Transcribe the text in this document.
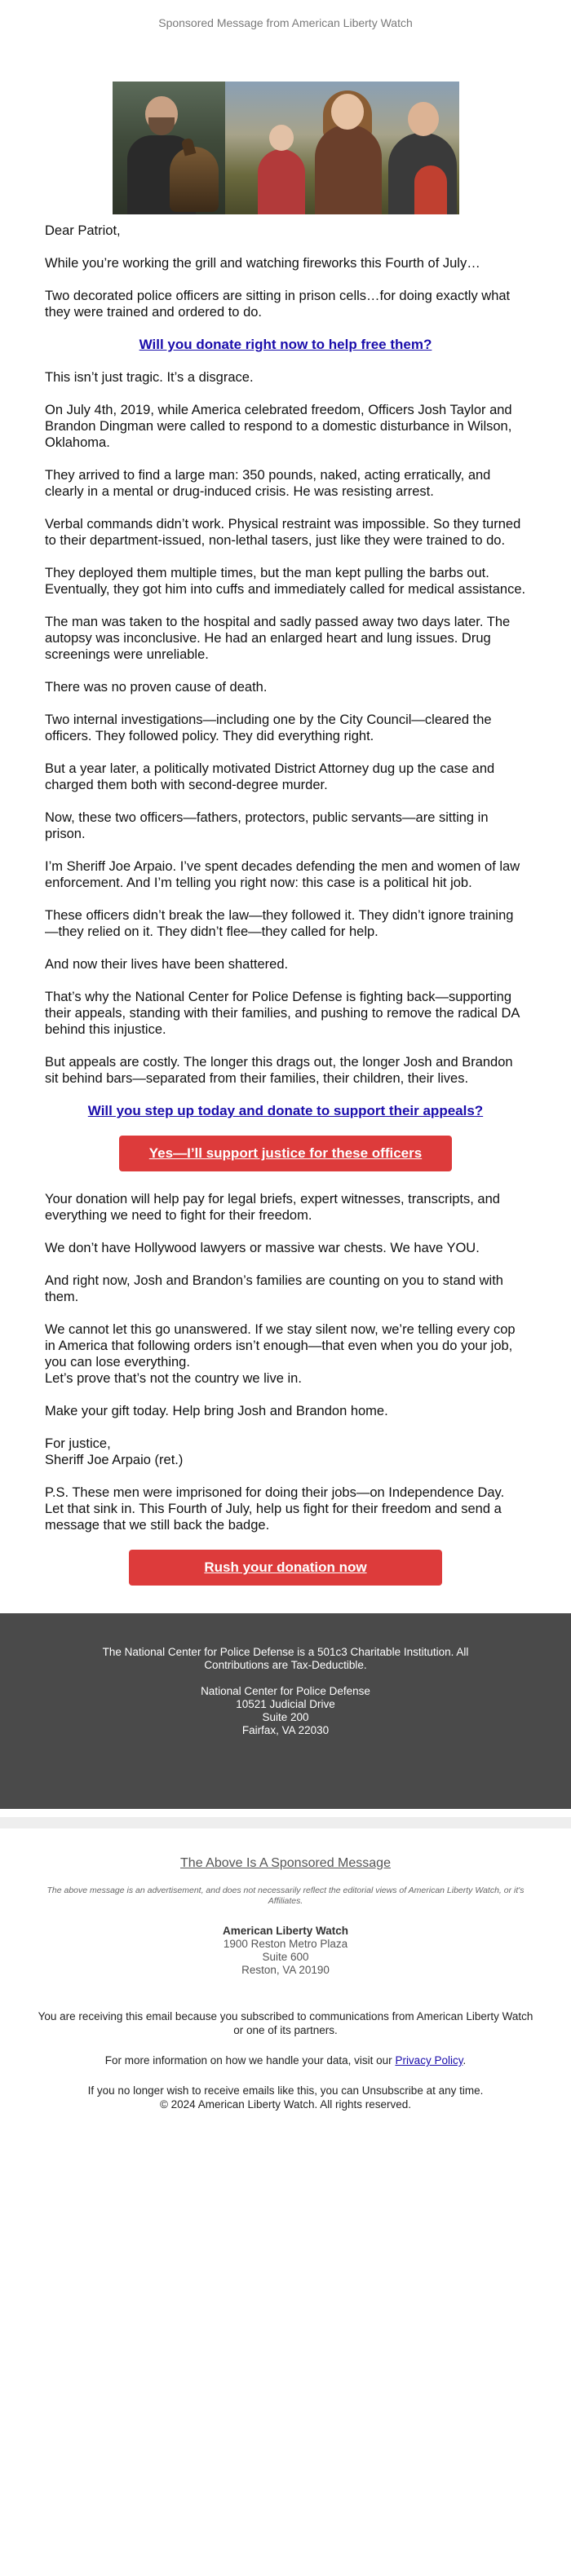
Sponsored Message from American Liberty Watch

Dear Patriot,

While you’re working the grill and watching fireworks this Fourth of July…

Two decorated police officers are sitting in prison cells…for doing exactly what they were trained and ordered to do.

Will you donate right now to help free them?

This isn’t just tragic. It’s a disgrace.

On July 4th, 2019, while America celebrated freedom, Officers Josh Taylor and Brandon Dingman were called to respond to a domestic disturbance in Wilson, Oklahoma.

They arrived to find a large man: 350 pounds, naked, acting erratically, and clearly in a mental or drug-induced crisis. He was resisting arrest.

Verbal commands didn’t work. Physical restraint was impossible. So they turned to their department-issued, non-lethal tasers, just like they were trained to do.

They deployed them multiple times, but the man kept pulling the barbs out. Eventually, they got him into cuffs and immediately called for medical assistance.

The man was taken to the hospital and sadly passed away two days later. The autopsy was inconclusive. He had an enlarged heart and lung issues. Drug screenings were unreliable.

There was no proven cause of death.

Two internal investigations—including one by the City Council—cleared the officers. They followed policy. They did everything right.

But a year later, a politically motivated District Attorney dug up the case and charged them both with second-degree murder.

Now, these two officers—fathers, protectors, public servants—are sitting in prison.

I’m Sheriff Joe Arpaio. I’ve spent decades defending the men and women of law enforcement. And I’m telling you right now: this case is a political hit job.

These officers didn’t break the law—they followed it. They didn’t ignore training—they relied on it. They didn’t flee—they called for help.

And now their lives have been shattered.

That’s why the National Center for Police Defense is fighting back—supporting their appeals, standing with their families, and pushing to remove the radical DA behind this injustice.

But appeals are costly. The longer this drags out, the longer Josh and Brandon sit behind bars—separated from their families, their children, their lives.

Will you step up today and donate to support their appeals?
Yes—I’ll support justice for these officers

Your donation will help pay for legal briefs, expert witnesses, transcripts, and everything we need to fight for their freedom.

We don’t have Hollywood lawyers or massive war chests. We have YOU.

And right now, Josh and Brandon’s families are counting on you to stand with them.

We cannot let this go unanswered. If we stay silent now, we’re telling every cop in America that following orders isn’t enough—that even when you do your job, you can lose everything.

Let’s prove that’s not the country we live in.

Make your gift today. Help bring Josh and Brandon home.

For justice,

Sheriff Joe Arpaio (ret.)

P.S. These men were imprisoned for doing their jobs—on Independence Day. Let that sink in. This Fourth of July, help us fight for their freedom and send a message that we still back the badge.

Rush your donation now
The National Center for Police Defense is a 501c3 Charitable Institution. All Contributions are Tax-Deductible.
National Center for Police Defense
10521 Judicial Drive
Suite 200
Fairfax, VA 22030
The Above Is A Sponsored Message
The above message is an advertisement, and does not necessarily reflect the editorial views of American Liberty Watch, or it's Affiliates.
American Liberty Watch
1900 Reston Metro Plaza
Suite 600
Reston, VA 20190

You are receiving this email because you subscribed to communications from American Liberty Watch or one of its partners.

For more information on how we handle your data, visit our Privacy Policy.

If you no longer wish to receive emails like this, you can Unsubscribe at any time.

© 2024 American Liberty Watch. All rights reserved.
